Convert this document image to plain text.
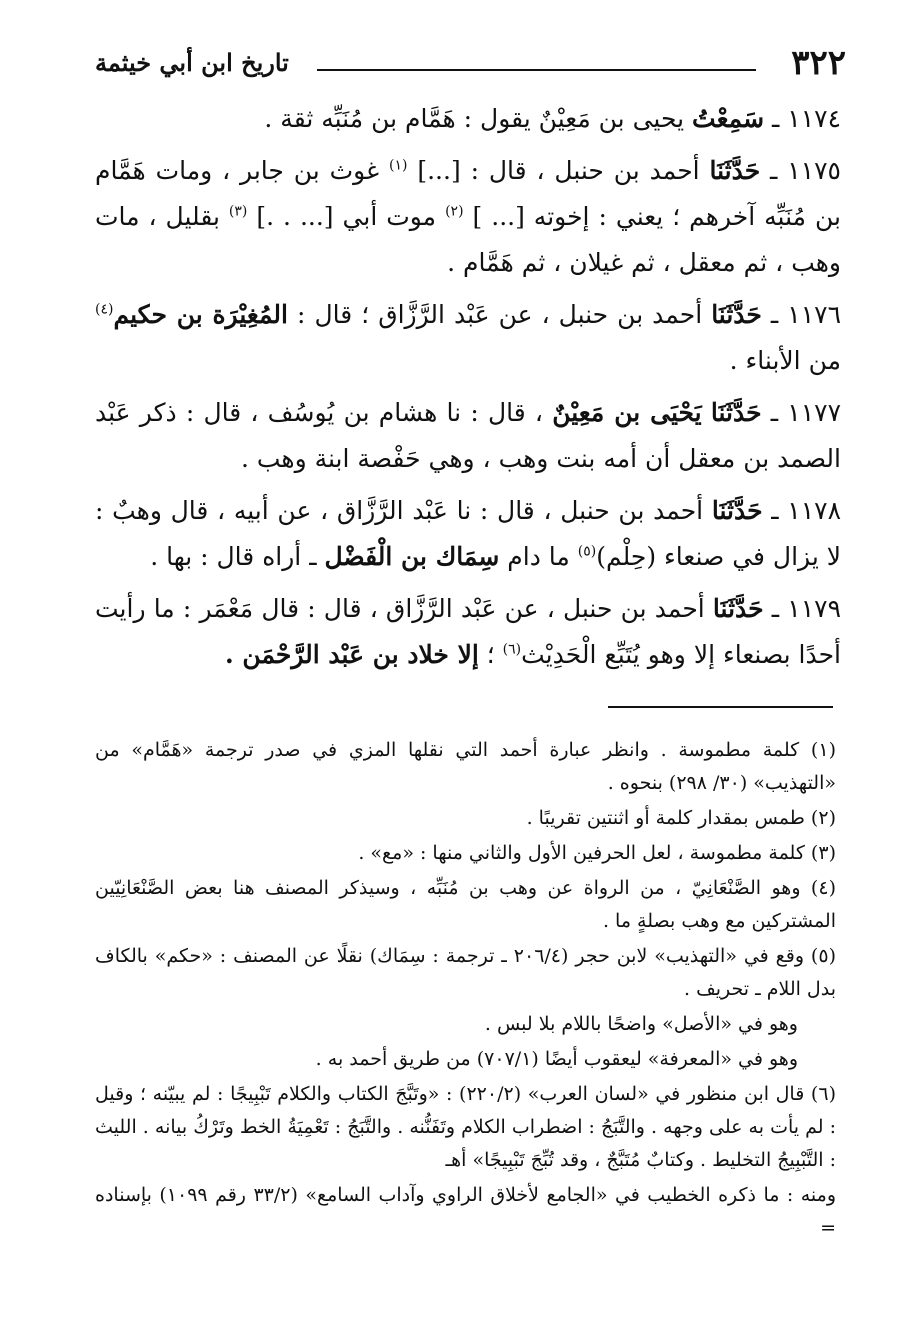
٣٢٢
تاريخ ابن أبي خيثمة

١١٧٤ ـ سَمِعْتُ يحيى بن مَعِيْنٌ يقول : هَمَّام بن مُنَبِّه ثقة .

١١٧٥ ـ حَدَّثَنَا أحمد بن حنبل ، قال : [...] $^{(١)}$ غوث بن جابر ، ومات هَمَّام بن مُنَبِّه آخرهم ؛ يعني : إخوته [... ] $^{(٢)}$ موت أبي [... . .] $^{(٣)}$ بقليل ، مات وهب ، ثم معقل ، ثم غيلان ، ثم هَمَّام .

١١٧٦ ـ حَدَّثَنَا أحمد بن حنبل ، عن عَبْد الرَّزَّاق ؛ قال : المُغِيْرَة بن حكيم$^{(٤)}$ من الأبناء .

١١٧٧ ـ حَدَّثَنَا يَحْيَى بن مَعِيْنٌ ، قال : نا هشام بن يُوسُف ، قال : ذكر عَبْد الصمد بن معقل أن أمه بنت وهب ، وهي حَفْصة ابنة وهب .

١١٧٨ ـ حَدَّثَنَا أحمد بن حنبل ، قال : نا عَبْد الرَّزَّاق ، عن أبيه ، قال وهبٌ : لا يزال في صنعاء (حِلْم)$^{(٥)}$ ما دام سِمَاك بن الْفَضْل ـ أراه قال : بها .

١١٧٩ ـ حَدَّثَنَا أحمد بن حنبل ، عن عَبْد الرَّزَّاق ، قال : قال مَعْمَر : ما رأيت أحدًا بصنعاء إلا وهو يُتَبِّع الْحَدِيْث$^{(٦)}$ ؛ إلا خلاد بن عَبْد الرَّحْمَن .

(١) كلمة مطموسة . وانظر عبارة أحمد التي نقلها المزي في صدر ترجمة «هَمَّام» من «التهذيب» (٣٠/ ٢٩٨) بنحوه .

(٢) طمس بمقدار كلمة أو اثنتين تقريبًا .

(٣) كلمة مطموسة ، لعل الحرفين الأول والثاني منها : «مع» .

(٤) وهو الصَّنْعَانِيّ ، من الرواة عن وهب بن مُنَبِّه ، وسيذكر المصنف هنا بعض الصَّنْعَانِيّين المشتركين مع وهب بصلةٍ ما .

(٥) وقع في «التهذيب» لابن حجر (٢٠٦/٤ ـ ترجمة : سِمَاك) نقلًا عن المصنف : «حكم» بالكاف بدل اللام ـ تحريف .

وهو في «الأصل» واضحًا باللام بلا لبس .

وهو في «المعرفة» ليعقوب أيضًا (٧٠٧/١) من طريق أحمد به .

(٦) قال ابن منظور في «لسان العرب» (٢٢٠/٢) : «وتَبَّجَ الكتاب والكلام تَبْبِيجًا : لم يبيّنه ؛ وقيل : لم يأت به على وجهه . والتَّبَجُ : اضطراب الكلام وتَفَنُّنه . والتَّبَجُ : تَعْمِيَةُ الخط وتَرْكُ بيانه . الليث : التَّبْبِيجُ التخليط . وكتابٌ مُتَبَّجٌ ، وقد تُبِّجَ تَبْبِيجًا» أهـ

ومنه : ما ذكره الخطيب في «الجامع لأخلاق الراوي وآداب السامع» (٣٣/٢ رقم ١٠٩٩) بإسناده =
